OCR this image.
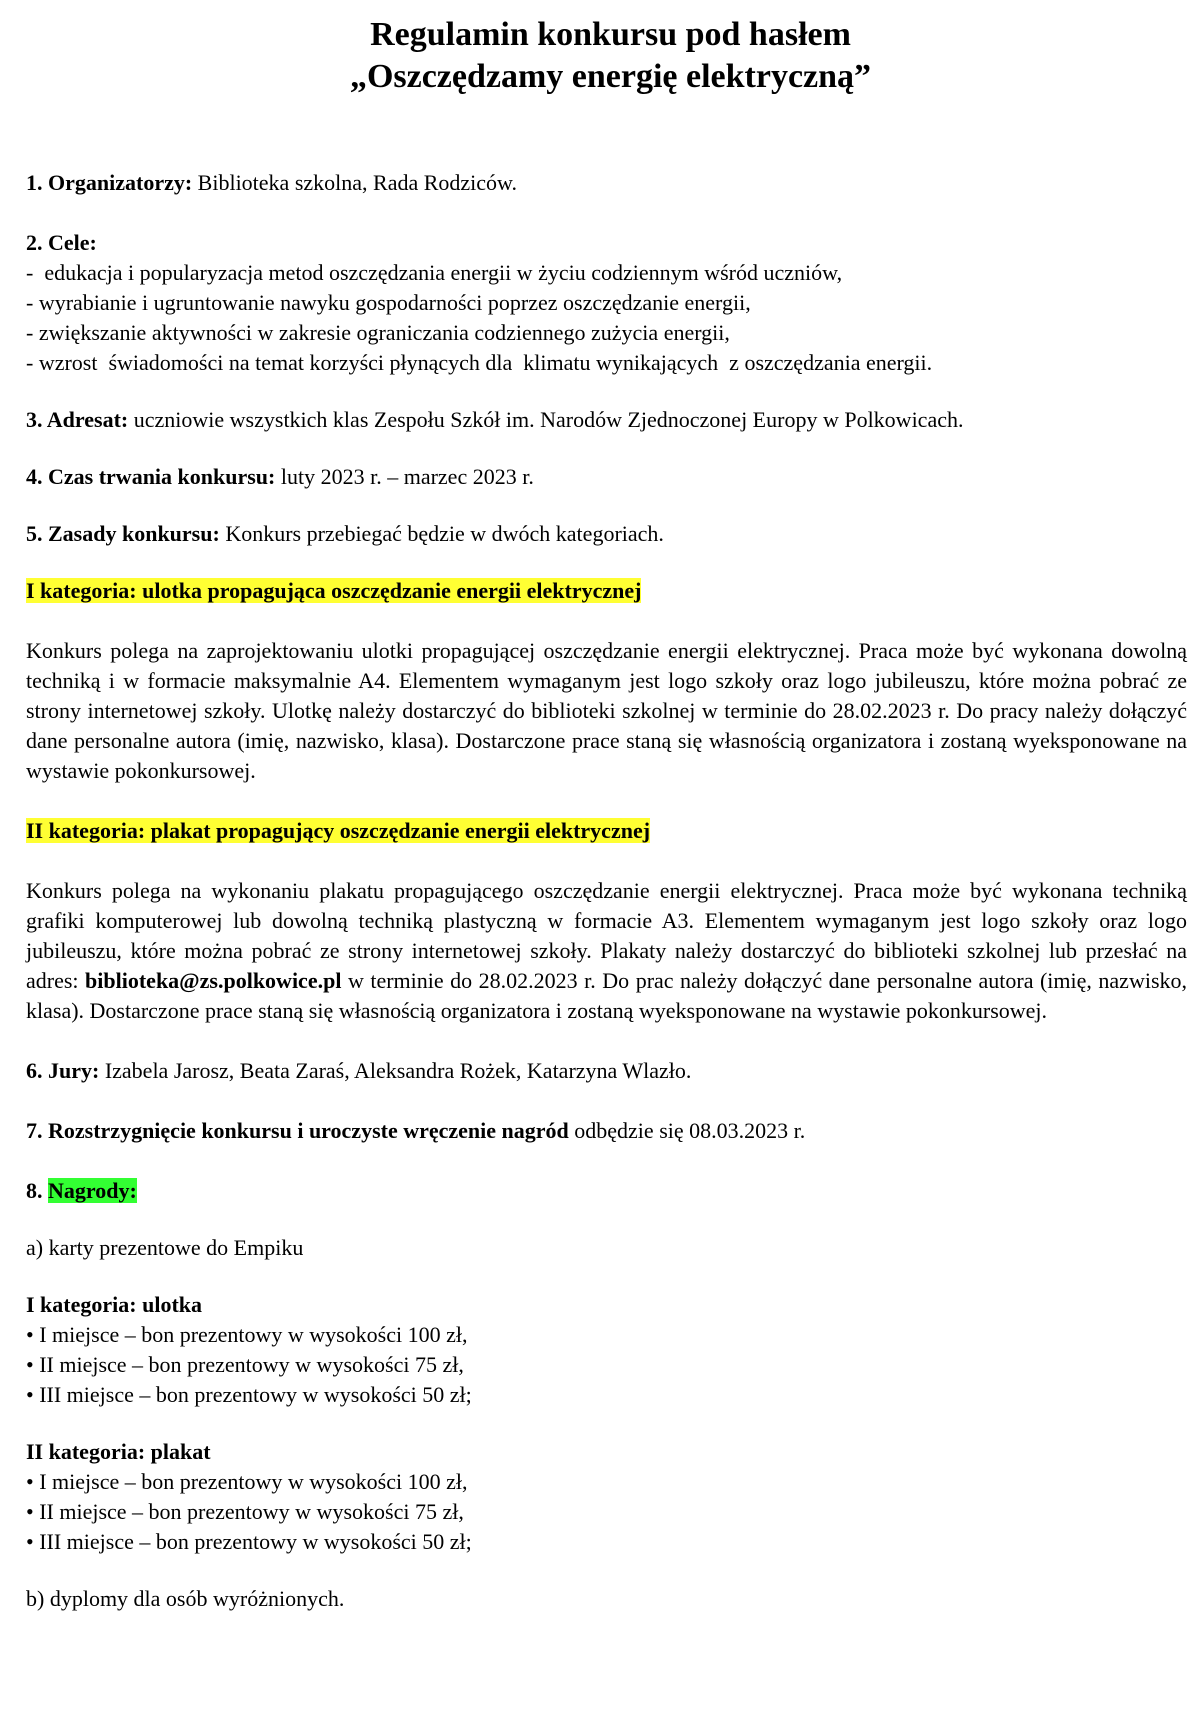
Regulamin konkursu pod hasłem
„Oszczędzamy energię elektryczną”

1. Organizatorzy: Biblioteka szkolna, Rada Rodziców.

2. Cele:

-  edukacja i popularyzacja metod oszczędzania energii w życiu codziennym wśród uczniów,

- wyrabianie i ugruntowanie nawyku gospodarności poprzez oszczędzanie energii,

- zwiększanie aktywności w zakresie ograniczania codziennego zużycia energii,

- wzrost  świadomości na temat korzyści płynących dla  klimatu wynikających  z oszczędzania energii.

3. Adresat: uczniowie wszystkich klas Zespołu Szkół im. Narodów Zjednoczonej Europy w Polkowicach.

4. Czas trwania konkursu: luty 2023 r. – marzec 2023 r.

5. Zasady konkursu: Konkurs przebiegać będzie w dwóch kategoriach.

I kategoria: ulotka propagująca oszczędzanie energii elektrycznej

Konkurs polega na zaprojektowaniu ulotki propagującej oszczędzanie energii elektrycznej. Praca może być wykonana dowolną techniką i w formacie maksymalnie A4. Elementem wymaganym jest logo szkoły oraz logo jubileuszu, które można pobrać ze strony internetowej szkoły. Ulotkę należy dostarczyć do biblioteki szkolnej w terminie do 28.02.2023 r. Do pracy należy dołączyć dane personalne autora (imię, nazwisko, klasa). Dostarczone prace staną się własnością organizatora i zostaną wyeksponowane na wystawie pokonkursowej.

II kategoria: plakat propagujący oszczędzanie energii elektrycznej

Konkurs polega na wykonaniu plakatu propagującego oszczędzanie energii elektrycznej. Praca może być wykonana techniką grafiki komputerowej lub dowolną techniką plastyczną w formacie A3. Elementem wymaganym jest logo szkoły oraz logo jubileuszu, które można pobrać ze strony internetowej szkoły. Plakaty należy dostarczyć do biblioteki szkolnej lub przesłać na adres: biblioteka@zs.polkowice.pl w terminie do 28.02.2023 r. Do prac należy dołączyć dane personalne autora (imię, nazwisko, klasa). Dostarczone prace staną się własnością organizatora i zostaną wyeksponowane na wystawie pokonkursowej.

6. Jury: Izabela Jarosz, Beata Zaraś, Aleksandra Rożek, Katarzyna Wlazło.

7. Rozstrzygnięcie konkursu i uroczyste wręczenie nagród odbędzie się 08.03.2023 r.

8. Nagrody:

a) karty prezentowe do Empiku

I kategoria: ulotka

• I miejsce – bon prezentowy w wysokości 100 zł,

• II miejsce – bon prezentowy w wysokości 75 zł,

• III miejsce – bon prezentowy w wysokości 50 zł;

II kategoria: plakat

• I miejsce – bon prezentowy w wysokości 100 zł,

• II miejsce – bon prezentowy w wysokości 75 zł,

• III miejsce – bon prezentowy w wysokości 50 zł;

b) dyplomy dla osób wyróżnionych.
